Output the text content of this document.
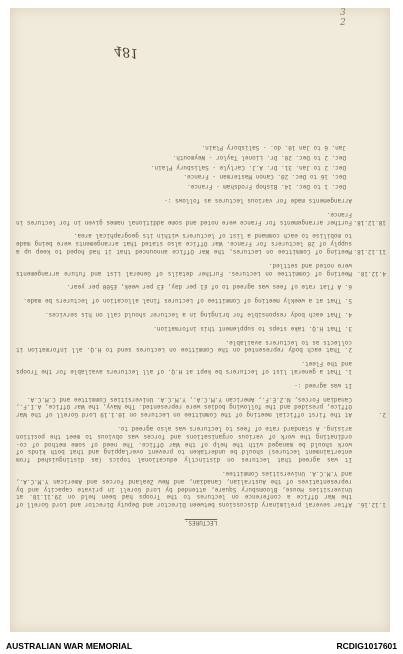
3
2
481
LECTURES.
1.12.16.
After several preliminary discussions between Director and Deputy Director and Lord Gorell of the War Office a conference on lectures to the Troops had been held on 29.11.18. at Universities House, Bloomsbury Square, attended by Lord Gorell in private capacity and by representatives of the Australian, Canadian, and New Zealand Forces and American Y.M.C.A., and Y.M.C.A. Universities Committee.
It was agreed that lectures on distinctly educational topics (as distinguished from entertainment lectures) should be undertaken to prevent overlapping and that both kinds of work should be managed with the help of the War Office. The need of some method of co-ordinating the work of various organisations and forces was obvious to meet the position arising. A standard rate of fees to lecturers was also agreed to.
2.
At the first official meeting of the Committee on Lectures on 10.1.19 Lord Gorell of the War Office, presided and the following bodies were represented. The Navy, the War Office, A.I.F., Canadian Forces, N.Z.E.F., American Y.M.C.A., Y.M.C.A. Universities Committee and C.M.C.A.
It was agreed :-
1. That a general list of lecturers be kept at H.Q. of all lecturers available for the Troops and the Fleet.
2. That each body represented on the Committee on Lectures send to H.Q. all information it collects as to lecturers available.
3. That H.Q. take steps to supplement this information.
4. That each body responsible for bringing in a lecturer should call on his services.
5. That at a weekly meeting of Committee of Lectures final allocation of lecturers be made.
6. A flat rate of fees was agreed to of £1 per day, £3 per week, £500 per year.
4.12.18.
Meeting of Committee on Lectures. Further details of General List and future arrangements were noted and settled.
11.12.18.
Meeting of Committee on Lectures, the War Office announced that it had hoped to keep up a supply of 20 lecturers for France. War Office also stated that arrangements were being made to mobilise to each command a list of lecturers within its geographical area.
18.12.18.
Further arrangements for France were noted and some additional names given in for lectures in France.
Arrangements made for various lectures as follows :-
Dec. 1 to Dec. 14. Bishop Frodsham - France.
Dec. 16 to Dec. 20. Canon Masterman - France.
Dec. 2 to Jan. 31. Dr. A.J. Carlyle - Salisbury Plain.
Dec. 2 to Dec. 20. Dr. Lionel Taylor - Weymouth.
Jan. 6 to Jan 10. do. - Salisbury Plain.
AUSTRALIAN WAR MEMORIAL	RCDIG1017601
